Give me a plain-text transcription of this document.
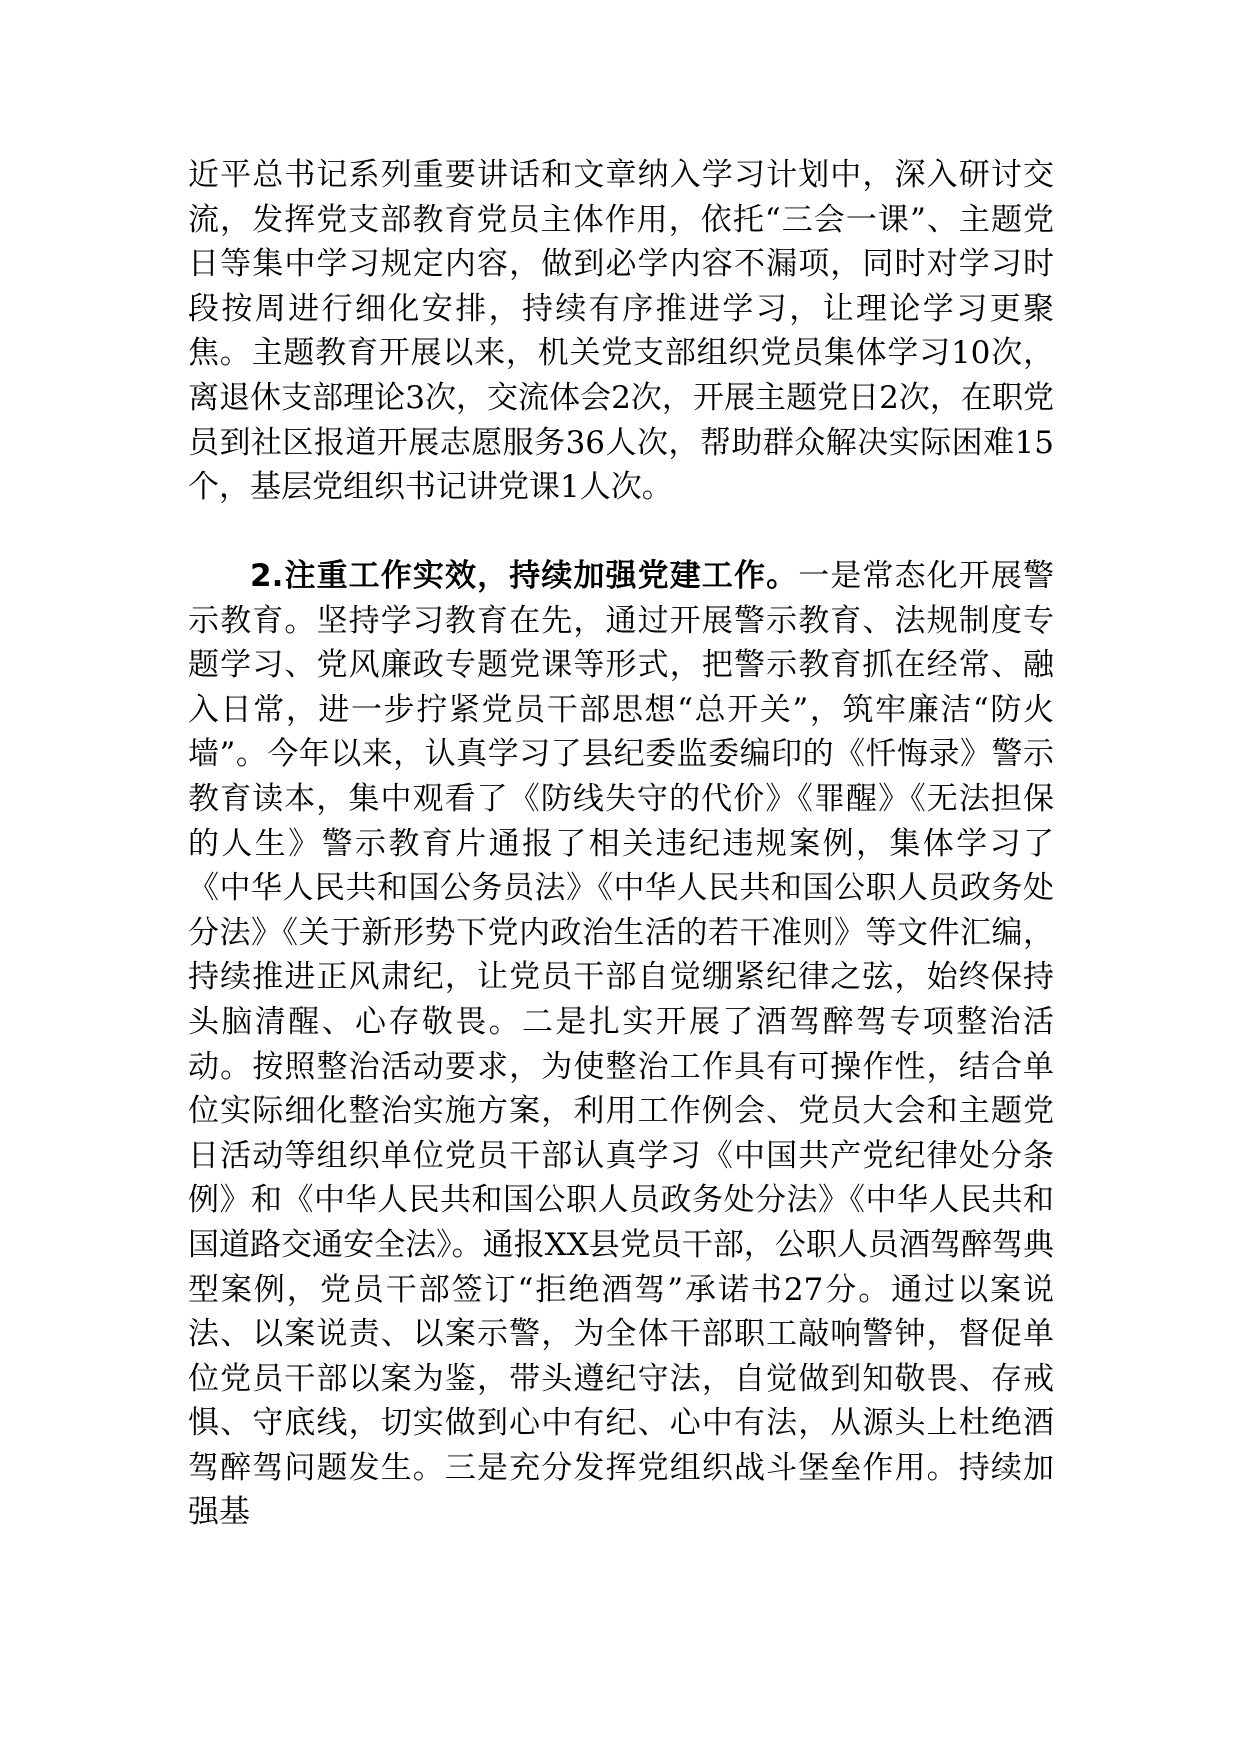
近平总书记系列重要讲话和文章纳入学习计划中，深入研讨交流，发挥党支部教育党员主体作用，依托“三会一课”、主题党日等集中学习规定内容，做到必学内容不漏项，同时对学习时段按周进行细化安排，持续有序推进学习，让理论学习更聚焦。主题教育开展以来，机关党支部组织党员集体学习10次，离退休支部理论3次，交流体会2次，开展主题党日2次，在职党员到社区报道开展志愿服务36人次，帮助群众解决实际困难15个，基层党组织书记讲党课1人次。
2.注重工作实效，持续加强党建工作。一是常态化开展警示教育。坚持学习教育在先，通过开展警示教育、法规制度专题学习、党风廉政专题党课等形式，把警示教育抓在经常、融入日常，进一步拧紧党员干部思想“总开关”，筑牢廉洁“防火墙”。今年以来，认真学习了县纪委监委编印的《忏悔录》警示教育读本，集中观看了《防线失守的代价》《罪醒》《无法担保的人生》警示教育片通报了相关违纪违规案例，集体学习了《中华人民共和国公务员法》《中华人民共和国公职人员政务处分法》《关于新形势下党内政治生活的若干准则》等文件汇编，持续推进正风肃纪，让党员干部自觉绷紧纪律之弦，始终保持头脑清醒、心存敬畏。二是扎实开展了酒驾醉驾专项整治活动。按照整治活动要求，为使整治工作具有可操作性，结合单位实际细化整治实施方案，利用工作例会、党员大会和主题党日活动等组织单位党员干部认真学习《中国共产党纪律处分条例》和《中华人民共和国公职人员政务处分法》《中华人民共和国道路交通安全法》。通报XX县党员干部，公职人员酒驾醉驾典型案例，党员干部签订“拒绝酒驾”承诺书27分。通过以案说法、以案说责、以案示警，为全体干部职工敲响警钟，督促单位党员干部以案为鉴，带头遵纪守法，自觉做到知敬畏、存戒惧、守底线，切实做到心中有纪、心中有法，从源头上杜绝酒驾醉驾问题发生。三是充分发挥党组织战斗堡垒作用。持续加强基
